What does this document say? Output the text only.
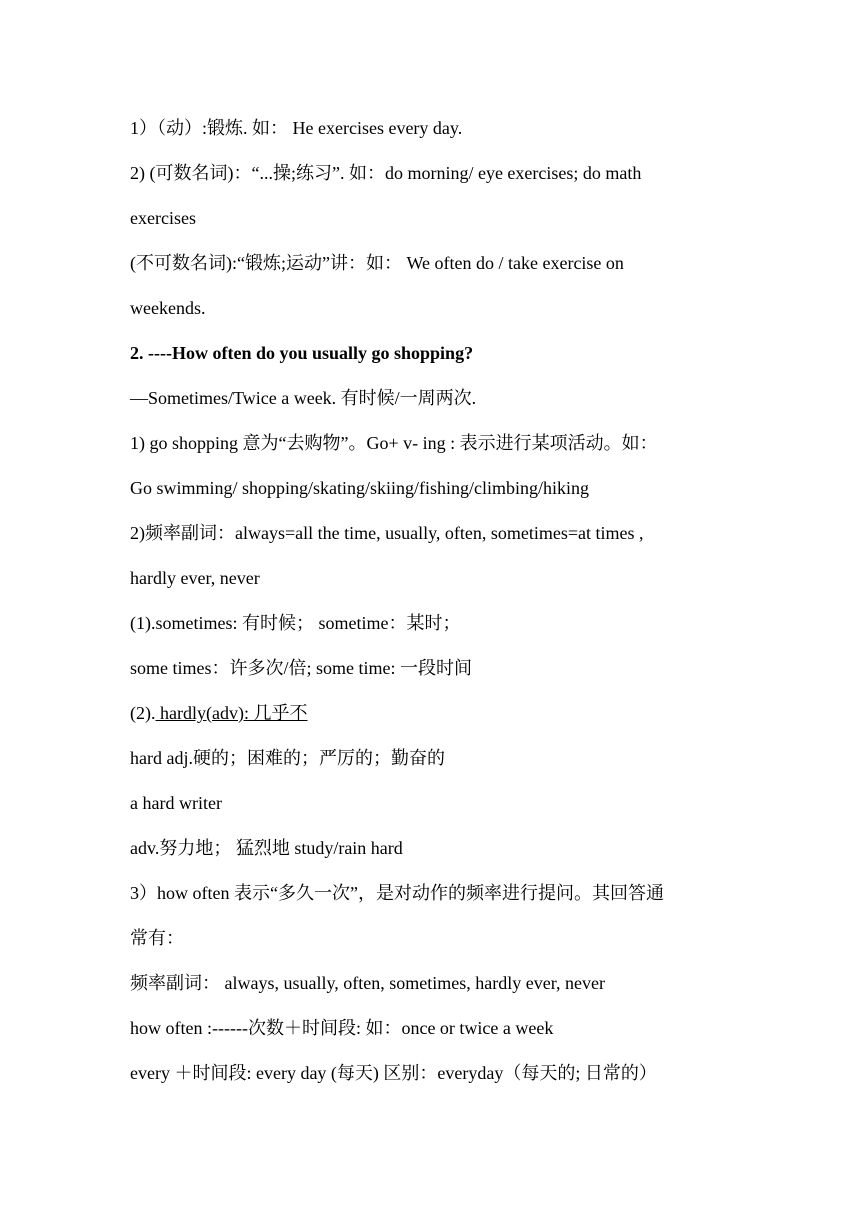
1）（动）:锻炼. 如： He exercises every day.
2) (可数名词)：“...操;练习”. 如：do morning/ eye exercises; do math
exercises
(不可数名词):“锻炼;运动”讲：如： We often do / take exercise on
weekends.
2. ----How often do you usually go shopping?
—Sometimes/Twice a week. 有时候/一周两次.
1) go shopping 意为“去购物”。Go+ v- ing : 表示进行某项活动。如：
Go swimming/ shopping/skating/skiing/fishing/climbing/hiking
2)频率副词：always=all the time, usually, often, sometimes=at times ,
hardly ever, never
(1).sometimes: 有时候； sometime：某时；
some times：许多次/倍; some time: 一段时间
(2). hardly(adv): 几乎不
hard adj.硬的；困难的；严厉的；勤奋的
a hard writer
adv.努力地； 猛烈地 study/rain hard
3）how often 表示“多久一次”，是对动作的频率进行提问。其回答通
常有：
频率副词： always, usually, often, sometimes, hardly ever, never
how often :------次数＋时间段: 如：once or twice a week
every ＋时间段: every day (每天) 区别：everyday（每天的; 日常的）
